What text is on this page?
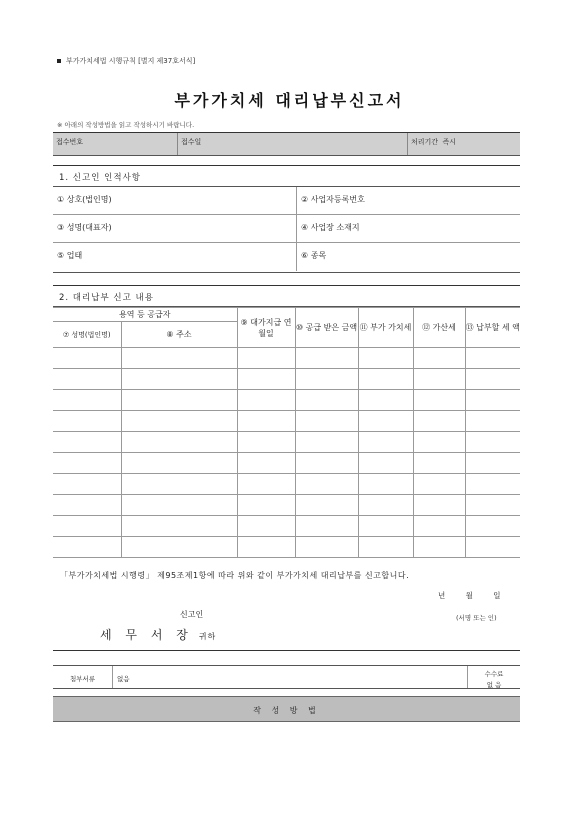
부가가치세법 시행규칙 [별지 제37호서식]
부가가치세 대리납부신고서
※ 아래의 작성방법을 읽고 작성하시기 바랍니다.
접수번호	접수일	처리기간 즉시
1. 신고인 인적사항
① 상호(법인명)	② 사업자등록번호
③ 성명(대표자)	④ 사업장 소재지
⑤ 업태	⑥ 종목
2. 대리납부 신고 내용
용역 등 공급자		⑨ 대가지급 연월일	⑩ 공급 받은 금액	⑪ 부가 가치세	⑫ 가산세	⑬ 납부할 세 액
⑦ 성명(법인명)	⑧ 주소					

「부가가치세법 시행령」 제95조제1항에 따라 위와 같이 부가가치세 대리납부를 신고합니다.
년 월 일
신고인	(서명 또는 인)
세 무 서 장 귀하
첨부서류	없음
수수료
없 음
작 성 방 법
